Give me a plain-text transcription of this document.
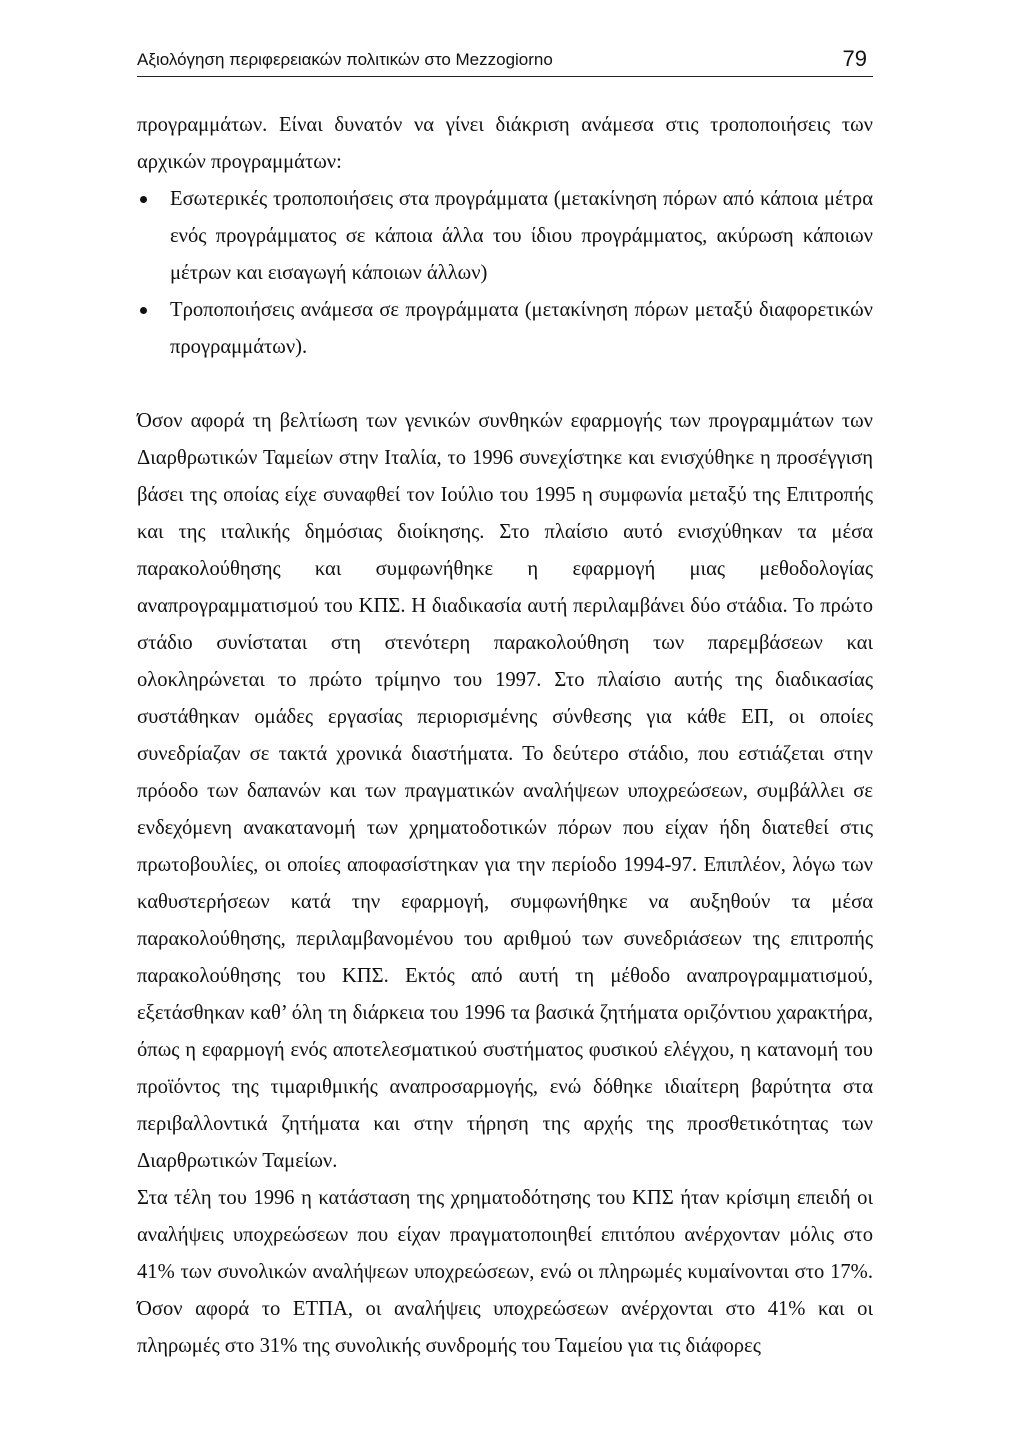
Αξιολόγηση περιφερειακών πολιτικών στο Mezzogiorno	79

προγραμμάτων. Είναι δυνατόν να γίνει διάκριση ανάμεσα στις τροποποιήσεις των αρχικών προγραμμάτων:

Εσωτερικές τροποποιήσεις στα προγράμματα (μετακίνηση πόρων από κάποια μέτρα ενός προγράμματος σε κάποια άλλα του ίδιου προγράμματος, ακύρωση κάποιων μέτρων και εισαγωγή κάποιων άλλων)
Τροποποιήσεις ανάμεσα σε προγράμματα (μετακίνηση πόρων μεταξύ διαφορετικών προγραμμάτων).

Όσον αφορά τη βελτίωση των γενικών συνθηκών εφαρμογής των προγραμμάτων των Διαρθρωτικών Ταμείων στην Ιταλία, το 1996 συνεχίστηκε και ενισχύθηκε η προσέγγιση βάσει της οποίας είχε συναφθεί τον Ιούλιο του 1995 η συμφωνία μεταξύ της Επιτροπής και της ιταλικής δημόσιας διοίκησης. Στο πλαίσιο αυτό ενισχύθηκαν τα μέσα παρακολούθησης και συμφωνήθηκε η εφαρμογή μιας μεθοδολογίας αναπρογραμματισμού του ΚΠΣ. Η διαδικασία αυτή περιλαμβάνει δύο στάδια. Το πρώτο στάδιο συνίσταται στη στενότερη παρακολούθηση των παρεμβάσεων και ολοκληρώνεται το πρώτο τρίμηνο του 1997. Στο πλαίσιο αυτής της διαδικασίας συστάθηκαν ομάδες εργασίας περιορισμένης σύνθεσης για κάθε ΕΠ, οι οποίες συνεδρίαζαν σε τακτά χρονικά διαστήματα. Το δεύτερο στάδιο, που εστιάζεται στην πρόοδο των δαπανών και των πραγματικών αναλήψεων υποχρεώσεων, συμβάλλει σε ενδεχόμενη ανακατανομή των χρηματοδοτικών πόρων που είχαν ήδη διατεθεί στις πρωτοβουλίες, οι οποίες αποφασίστηκαν για την περίοδο 1994-97. Επιπλέον, λόγω των καθυστερήσεων κατά την εφαρμογή, συμφωνήθηκε να αυξηθούν τα μέσα παρακολούθησης, περιλαμβανομένου του αριθμού των συνεδριάσεων της επιτροπής παρακολούθησης του ΚΠΣ. Εκτός από αυτή τη μέθοδο αναπρογραμματισμού, εξετάσθηκαν καθ’ όλη τη διάρκεια του 1996 τα βασικά ζητήματα οριζόντιου χαρακτήρα, όπως η εφαρμογή ενός αποτελεσματικού συστήματος φυσικού ελέγχου, η κατανομή του προϊόντος της τιμαριθμικής αναπροσαρμογής, ενώ δόθηκε ιδιαίτερη βαρύτητα στα περιβαλλοντικά ζητήματα και στην τήρηση της αρχής της προσθετικότητας των Διαρθρωτικών Ταμείων.

Στα τέλη του 1996 η κατάσταση της χρηματοδότησης του ΚΠΣ ήταν κρίσιμη επειδή οι αναλήψεις υποχρεώσεων που είχαν πραγματοποιηθεί επιτόπου ανέρχονταν μόλις στο 41% των συνολικών αναλήψεων υποχρεώσεων, ενώ οι πληρωμές κυμαίνονται στο 17%. Όσον αφορά το ΕΤΠΑ, οι αναλήψεις υποχρεώσεων ανέρχονται στο 41% και οι πληρωμές στο 31% της συνολικής συνδρομής του Ταμείου για τις διάφορες
